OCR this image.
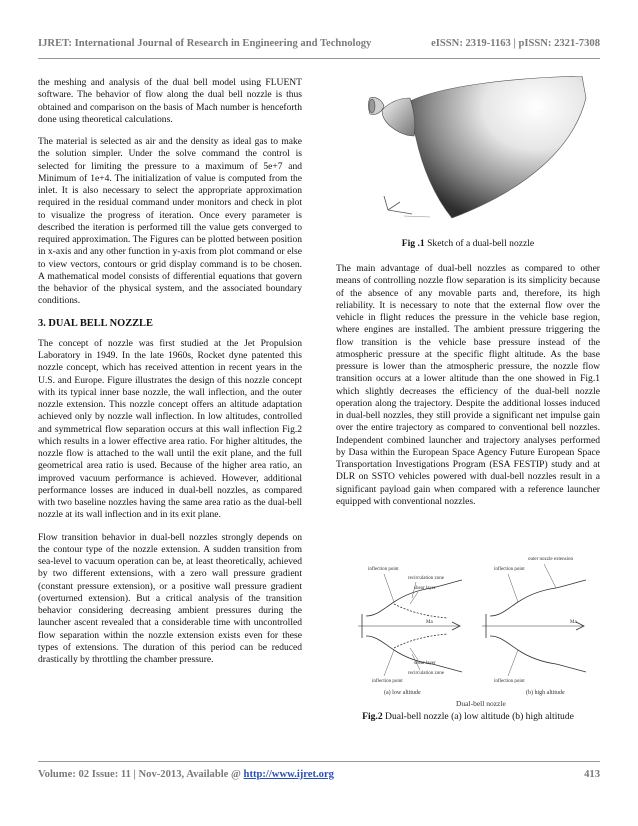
IJRET: International Journal of Research in Engineering and Technology	eISSN: 2319-1163 | pISSN: 2321-7308

the meshing and analysis of the dual bell model using FLUENT software. The behavior of flow along the dual bell nozzle is thus obtained and comparison on the basis of Mach number is henceforth done using theoretical calculations.

The material is selected as air and the density as ideal gas to make the solution simpler. Under the solve command the control is selected for limiting the pressure to a maximum of 5e+7 and Minimum of 1e+4. The initialization of value is computed from the inlet. It is also necessary to select the appropriate approximation required in the residual command under monitors and check in plot to visualize the progress of iteration. Once every parameter is described the iteration is performed till the value gets converged to required approximation. The Figures can be plotted between position in x-axis and any other function in y-axis from plot command or else to view vectors, contours or grid display command is to be chosen. A mathematical model consists of differential equations that govern the behavior of the physical system, and the associated boundary conditions.

3. DUAL BELL NOZZLE

The concept of nozzle was first studied at the Jet Propulsion Laboratory in 1949. In the late 1960s, Rocket dyne patented this nozzle concept, which has received attention in recent years in the U.S. and Europe. Figure illustrates the design of this nozzle concept with its typical inner base nozzle, the wall inflection, and the outer nozzle extension. This nozzle concept offers an altitude adaptation achieved only by nozzle wall inflection. In low altitudes, controlled and symmetrical flow separation occurs at this wall inflection Fig.2 which results in a lower effective area ratio. For higher altitudes, the nozzle flow is attached to the wall until the exit plane, and the full geometrical area ratio is used. Because of the higher area ratio, an improved vacuum performance is achieved. However, additional performance losses are induced in dual-bell nozzles, as compared with two baseline nozzles having the same area ratio as the dual-bell nozzle at its wall inflection and in its exit plane.

Flow transition behavior in dual-bell nozzles strongly depends on the contour type of the nozzle extension. A sudden transition from sea-level to vacuum operation can be, at least theoretically, achieved by two different extensions, with a zero wall pressure gradient (constant pressure extension), or a positive wall pressure gradient (overturned extension). But a critical analysis of the transition behavior considering decreasing ambient pressures during the launcher ascent revealed that a considerable time with uncontrolled flow separation within the nozzle extension exists even for these types of extensions. The duration of this period can be reduced drastically by throttling the chamber pressure.

Fig .1 Sketch of a dual-bell nozzle

The main advantage of dual-bell nozzles as compared to other means of controlling nozzle flow separation is its simplicity because of the absence of any movable parts and, therefore, its high reliability. It is necessary to note that the external flow over the vehicle in flight reduces the pressure in the vehicle base region, where engines are installed. The ambient pressure triggering the flow transition is the vehicle base pressure instead of the atmospheric pressure at the specific flight altitude. As the base pressure is lower than the atmospheric pressure, the nozzle flow transition occurs at a lower altitude than the one showed in Fig.1 which slightly decreases the efficiency of the dual-bell nozzle operation along the trajectory. Despite the additional losses induced in dual-bell nozzles, they still provide a significant net impulse gain over the entire trajectory as compared to conventional bell nozzles. Independent combined launcher and trajectory analyses performed by Dasa within the European Space Agency Future European Space Transportation Investigations Program (ESA FESTIP) study and at DLR on SSTO vehicles powered with dual-bell nozzles result in a significant payload gain when compared with a reference launcher equipped with conventional nozzles.

inflection point
recirculation zone
shear layer
Ma
shear layer
recirculation zone
inflection point
outer nozzle extension
inflection point
Ma
inflection point
(a) low altitude	(b) high altitude
Dual-bell nozzle
Fig.2 Dual-bell nozzle (a) low altitude (b) high altitude
Volume: 02 Issue: 11 | Nov-2013, Available @ http://www.ijret.org	413
